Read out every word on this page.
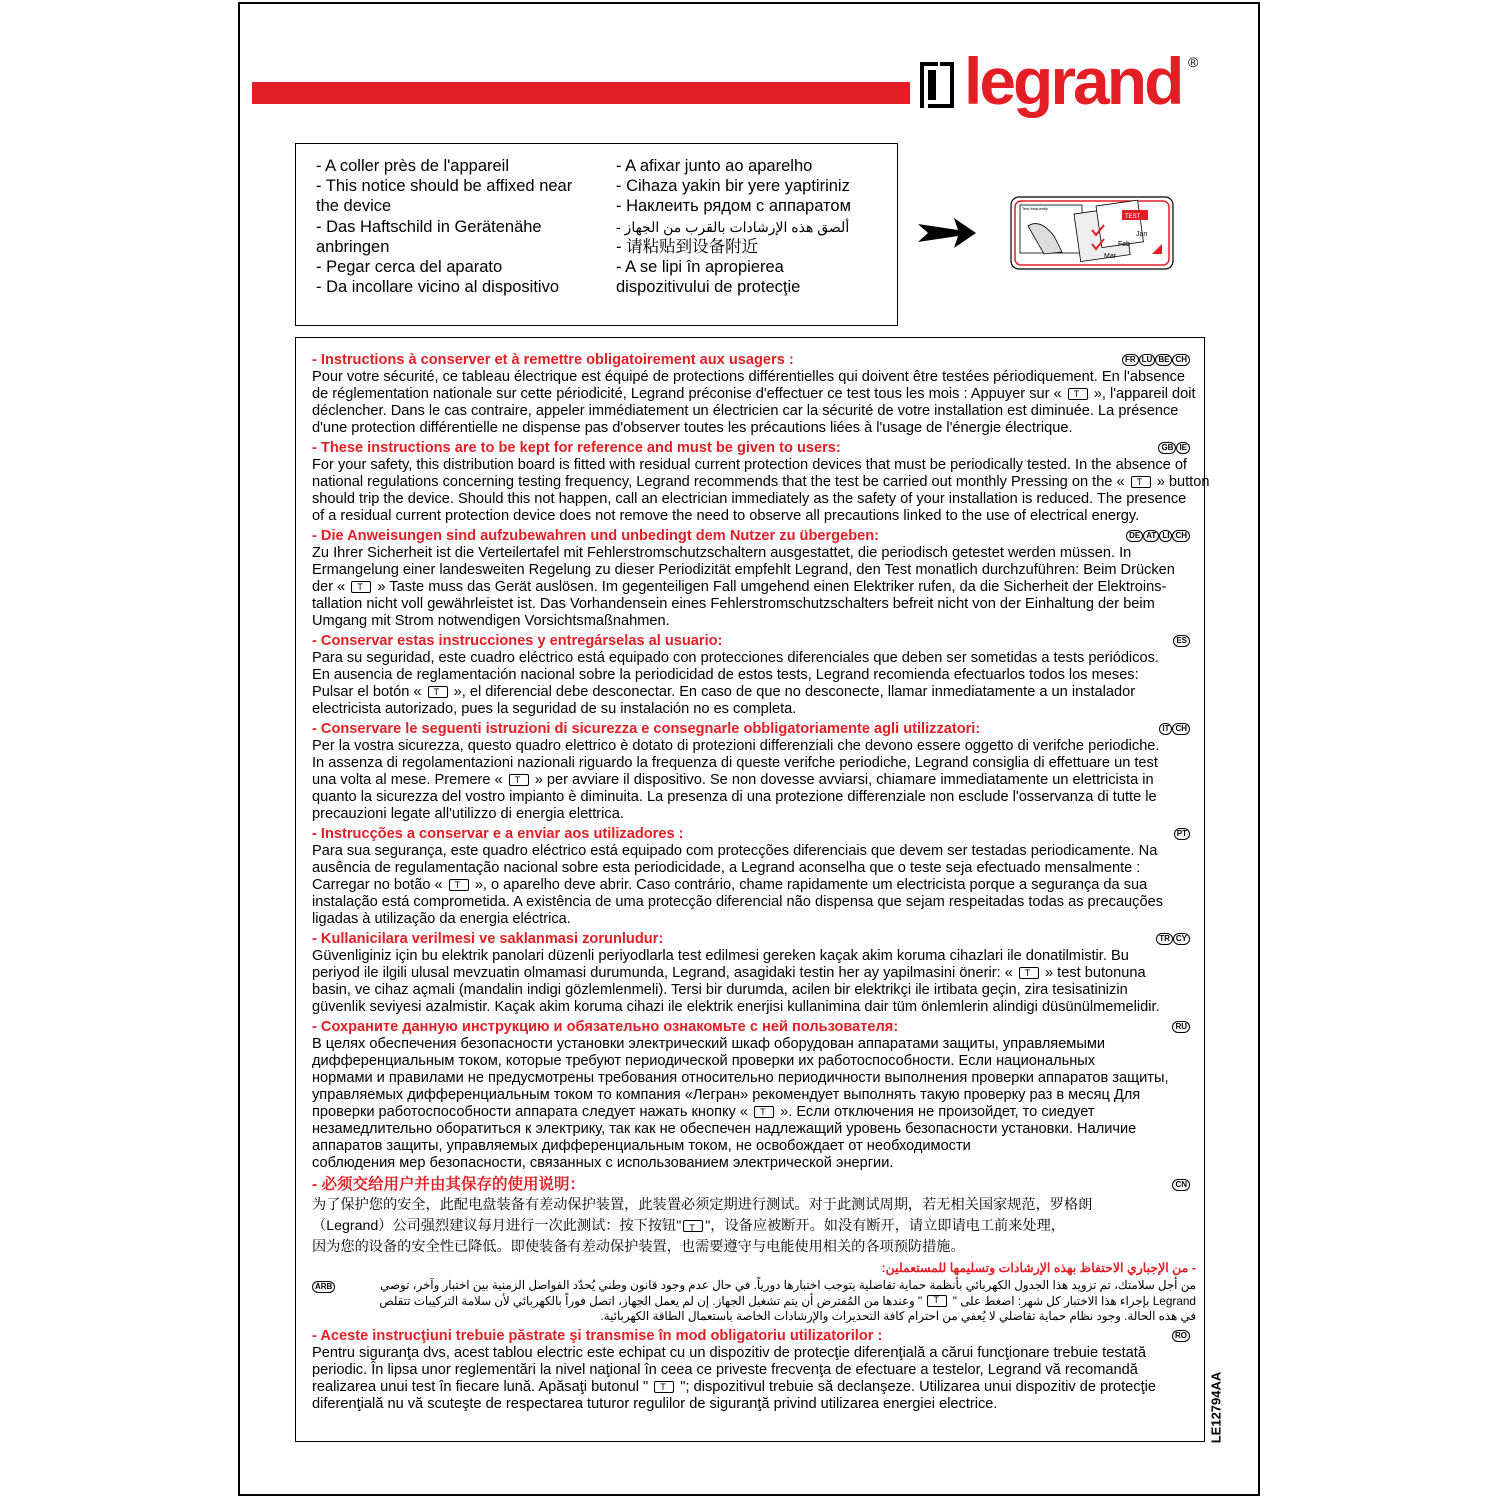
legrand ®
- A coller près de l'appareil
- This notice should be affixed near
the device
- Das Haftschild in Gerätenähe
anbringen
- Pegar cerca del aparato
- Da incollare vicino al dispositivo
- A afixar junto ao aparelho
- Cihaza yakin bir yere yaptiriniz
- Наклеить рядом с аппаратом
ألصق هذه الإرشادات بالقرب من الجهاز -
- 请粘贴到设备附近
- A se lipi în apropierea
dispozitivului de protecţie
Test frequently
TEST
Jan
Feb
Mar
- Instructions à conserver et à remettre obligatoirement aux usagers :	FR LU BE CH
Pour votre sécurité, ce tableau électrique est équipé de protections différentielles qui doivent être testées périodiquement. En l'absence
de réglementation nationale sur cette périodicité, Legrand préconise d'effectuer ce test tous les mois : Appuyer sur « T », l'appareil doit
déclencher. Dans le cas contraire, appeler immédiatement un électricien car la sécurité de votre installation est diminuée. La présence
d'une protection différentielle ne dispense pas d'observer toutes les précautions liées à l'usage de l'énergie électrique.
- These instructions are to be kept for reference and must be given to users:	GB IE
For your safety, this distribution board is fitted with residual current protection devices that must be periodically tested. In the absence of
national regulations concerning testing frequency, Legrand recommends that the test be carried out monthly Pressing on the « T » button
should trip the device. Should this not happen, call an electrician immediately as the safety of your installation is reduced. The presence
of a residual current protection device does not remove the need to observe all precautions linked to the use of electrical energy.
- Die Anweisungen sind aufzubewahren und unbedingt dem Nutzer zu übergeben:	DE AT LI CH
Zu Ihrer Sicherheit ist die Verteilertafel mit Fehlerstromschutzschaltern ausgestattet, die periodisch getestet werden müssen. In
Ermangelung einer landesweiten Regelung zu dieser Periodizität empfehlt Legrand, den Test monatlich durchzuführen: Beim Drücken
der « T » Taste muss das Gerät auslösen. Im gegenteiligen Fall umgehend einen Elektriker rufen, da die Sicherheit der Elektroins-
tallation nicht voll gewährleistet ist. Das Vorhandensein eines Fehlerstromschutzschalters befreit nicht von der Einhaltung der beim
Umgang mit Strom notwendigen Vorsichtsmaßnahmen.
- Conservar estas instrucciones y entregárselas al usuario:	ES
Para su seguridad, este cuadro eléctrico está equipado con protecciones diferenciales que deben ser sometidas a tests periódicos.
En ausencia de reglamentación nacional sobre la periodicidad de estos tests, Legrand recomienda efectuarlos todos los meses:
Pulsar el botón « T », el diferencial debe desconectar. En caso de que no desconecte, llamar inmediatamente a un instalador
electricista autorizado, pues la seguridad de su instalación no es completa.
- Conservare le seguenti istruzioni di sicurezza e consegnarle obbligatoriamente agli utilizzatori:	IT CH
Per la vostra sicurezza, questo quadro elettrico è dotato di protezioni differenziali che devono essere oggetto di verifche periodiche.
In assenza di regolamentazioni nazionali riguardo la frequenza di queste verifche periodiche, Legrand consiglia di effettuare un test
una volta al mese. Premere « T » per avviare il dispositivo. Se non dovesse avviarsi, chiamare immediatamente un elettricista in
quanto la sicurezza del vostro impianto è diminuita. La presenza di una protezione differenziale non esclude l'osservanza di tutte le
precauzioni legate all'utilizzo di energia elettrica.
- Instrucções a conservar e a enviar aos utilizadores :	PT
Para sua segurança, este quadro eléctrico está equipado com protecções diferenciais que devem ser testadas periodicamente. Na
ausência de regulamentação nacional sobre esta periodicidade, a Legrand aconselha que o teste seja efectuado mensalmente :
Carregar no botão « T », o aparelho deve abrir. Caso contrário, chame rapidamente um electricista porque a segurança da sua
instalação está comprometida. A existência de uma protecção diferencial não dispensa que sejam respeitadas todas as precauções
ligadas à utilização da energia eléctrica.
- Kullanicilara verilmesi ve saklanmasi zorunludur:	TR CY
Güvenliginiz için bu elektrik panolari düzenli periyodlarla test edilmesi gereken kaçak akim koruma cihazlari ile donatilmistir. Bu
periyod ile ilgili ulusal mevzuatin olmamasi durumunda, Legrand, asagidaki testin her ay yapilmasini önerir: « T » test butonuna
basin, ve cihaz açmali (mandalin indigi gözlemlenmeli). Tersi bir durumda, acilen bir elektrikçi ile irtibata geçin, zira tesisatinizin
güvenlik seviyesi azalmistir. Kaçak akim koruma cihazi ile elektrik enerjisi kullanimina dair tüm önlemlerin alindigi düsünülmemelidir.
- Сохраните данную инструкцию и обязательно ознакомьте с ней пользователя:	RU
В целях обеспечения безопасности установки электрический шкаф оборудован аппаратами защиты, управляемыми
дифференциальным током, которые требуют периодической проверки их работоспособности. Если национальных
нормами и правилами не предусмотрены требования относительно периодичности выполнения проверки аппаратов защиты,
управляемых дифференциальным током то компания «Легран» рекомендует выполнять такую проверку раз в месяц Для
проверки работоспособности аппарата следует нажать кнопку « T ». Если отключения не произойдет, то сиедует
незамедлительно оборатиться к электрику, так как не обеспечен надлежащий уровень безопасности установки. Наличие
аппаратов защиты, управляемых дифференциальным током, не освобождает от необходимости
соблюдения мер безопасности, связанных с использованием электрической энергии.
- 必须交给用户并由其保存的使用说明：	CN
为了保护您的安全，此配电盘装备有差动保护装置，此装置必须定期进行测试。对于此测试周期，若无相关国家规范，罗格朗
（Legrand）公司强烈建议每月进行一次此测试：按下按钮"T "，设备应被断开。如没有断开，请立即请电工前来处理，
因为您的设备的安全性已降低。即使装备有差动保护装置，也需要遵守与电能使用相关的各项预防措施。
- من الإجباري الاحتفاظ بهذه الإرشادات وتسليمها للمستعملين:
ARB	من أجل سلامتك، تم تزويد هذا الجدول الكهربائي بأنظمة حماية تفاضلية يتوجب اختبارها دورياً. في حال عدم وجود قانون وطني يُحدّد الفواصل الزمنية بين اختبار وآخر، توصي
Legrand بإجراء هذا الاختبار كل شهر: اضغط على " T " وعندها من المُفترض أن يتم تشغيل الجهاز. إن لم يعمل الجهاز، اتصل فوراً بالكهربائي لأن سلامة التركيبات تتقلص
في هذه الحالة. وجود نظام حماية تفاضلي لا يُعفي من احترام كافة التحذيرات والإرشادات الخاصة باستعمال الطاقة الكهربائية.
- Aceste instrucţiuni trebuie păstrate şi transmise în mod obligatoriu utilizatorilor :	RO
Pentru siguranţa dvs, acest tablou electric este echipat cu un dispozitiv de protecţie diferenţială a cărui funcţionare trebuie testată
periodic. În lipsa unor reglementări la nivel naţional în ceea ce priveste frecvenţa de efectuare a testelor, Legrand vă recomandă
realizarea unui test în fiecare lună. Apăsaţi butonul " T "; dispozitivul trebuie să declanşeze. Utilizarea unui dispozitiv de protecţie
diferenţială nu vă scuteşte de respectarea tuturor regulilor de siguranţă privind utilizarea energiei electrice.	LE12794AA
